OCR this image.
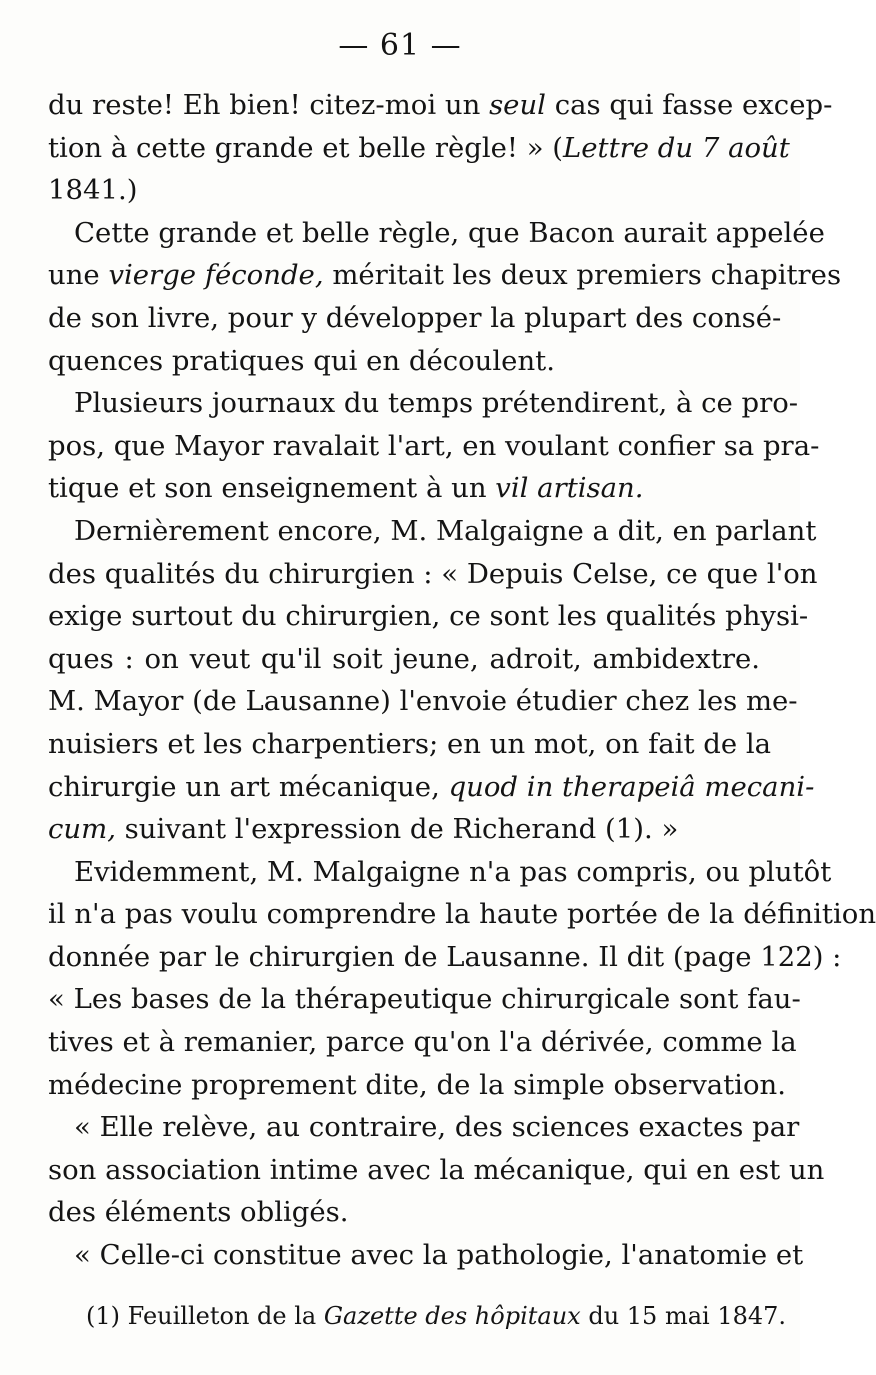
— 61 —
du reste! Eh bien! citez-moi un seul cas qui fasse excep-
tion à cette grande et belle règle! » (Lettre du 7 août
1841.)
Cette grande et belle règle, que Bacon aurait appelée
une vierge féconde, méritait les deux premiers chapitres
de son livre, pour y développer la plupart des consé-
quences pratiques qui en découlent.
Plusieurs journaux du temps prétendirent, à ce pro-
pos, que Mayor ravalait l'art, en voulant confier sa pra-
tique et son enseignement à un vil artisan.
Dernièrement encore, M. Malgaigne a dit, en parlant
des qualités du chirurgien : « Depuis Celse, ce que l'on
exige surtout du chirurgien, ce sont les qualités physi-
ques : on veut qu'il soit jeune, adroit, ambidextre.
M. Mayor (de Lausanne) l'envoie étudier chez les me-
nuisiers et les charpentiers; en un mot, on fait de la
chirurgie un art mécanique, quod in therapeiâ mecani-
cum, suivant l'expression de Richerand (1). »
Evidemment, M. Malgaigne n'a pas compris, ou plutôt
il n'a pas voulu comprendre la haute portée de la définition
donnée par le chirurgien de Lausanne. Il dit (page 122) :
« Les bases de la thérapeutique chirurgicale sont fau-
tives et à remanier, parce qu'on l'a dérivée, comme la
médecine proprement dite, de la simple observation.
« Elle relève, au contraire, des sciences exactes par
son association intime avec la mécanique, qui en est un
des éléments obligés.
« Celle-ci constitue avec la pathologie, l'anatomie et
(1) Feuilleton de la Gazette des hôpitaux du 15 mai 1847.
